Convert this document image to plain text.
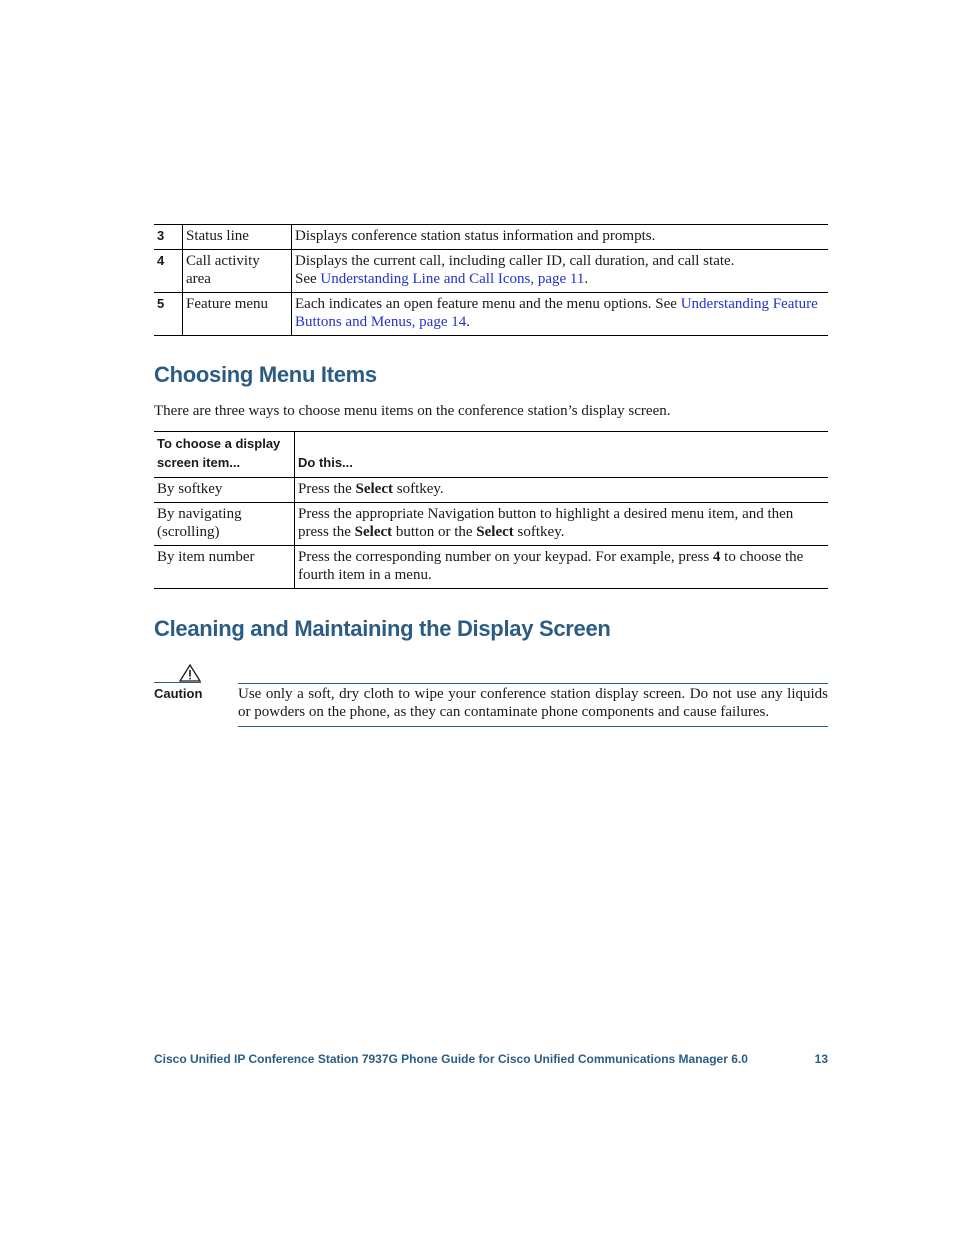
3	Status line	Displays conference station status information and prompts.
4	Call activity area	Displays the current call, including caller ID, call duration, and call state.
See Understanding Line and Call Icons, page 11.
5	Feature menu	Each indicates an open feature menu and the menu options. See Understanding Feature Buttons and Menus, page 14.
Choosing Menu Items

There are three ways to choose menu items on the conference station’s display screen.

To choose a display screen item...	Do this...
By softkey	Press the Select softkey.
By navigating (scrolling)	Press the appropriate Navigation button to highlight a desired menu item, and then press the Select button or the Select softkey.
By item number	Press the corresponding number on your keypad. For example, press 4 to choose the fourth item in a menu.
Cleaning and Maintaining the Display Screen
Caution Use only a soft, dry cloth to wipe your conference station display screen. Do not use any liquids or powders on the phone, as they can contaminate phone components and cause failures.
Cisco Unified IP Conference Station 7937G Phone Guide for Cisco Unified Communications Manager 6.0	13
